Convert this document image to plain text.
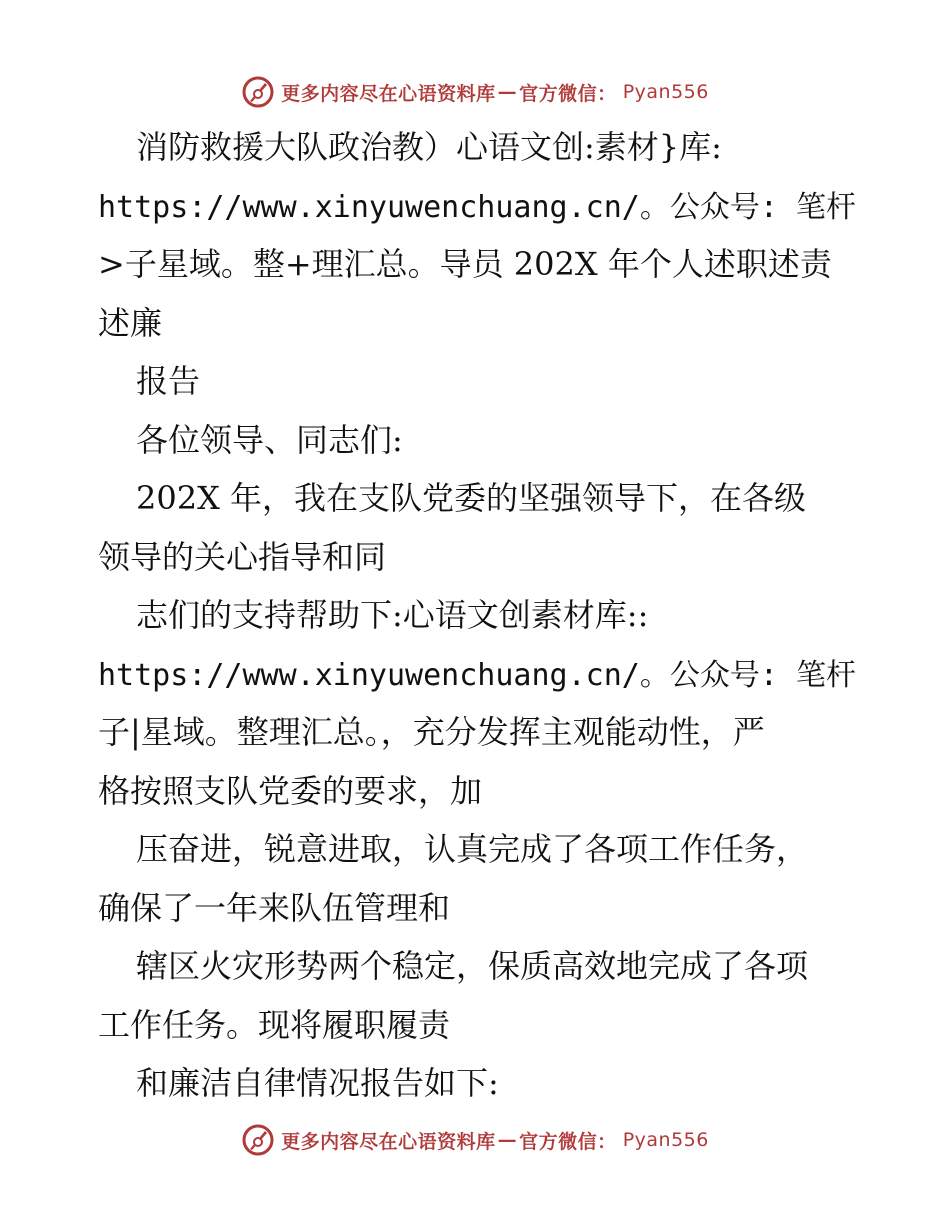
更多内容尽在心语资料库 — 官方微信： Pyan556
消防救援大队政治教）心语文创:素材}库:
https://www.xinyuwenchuang.cn/。公众号: 笔杆
>子星域。整+理汇总。导员 202X 年个人述职述责
述廉
报告
各位领导、同志们:
202X 年，我在支队党委的坚强领导下，在各级
领导的关心指导和同
志们的支持帮助下:心语文创素材库::
https://www.xinyuwenchuang.cn/。公众号: 笔杆
子|星域。整理汇总。，充分发挥主观能动性，严
格按照支队党委的要求，加
压奋进，锐意进取，认真完成了各项工作任务，
确保了一年来队伍管理和
辖区火灾形势两个稳定，保质高效地完成了各项
工作任务。现将履职履责
和廉洁自律情况报告如下:
更多内容尽在心语资料库 — 官方微信： Pyan556
